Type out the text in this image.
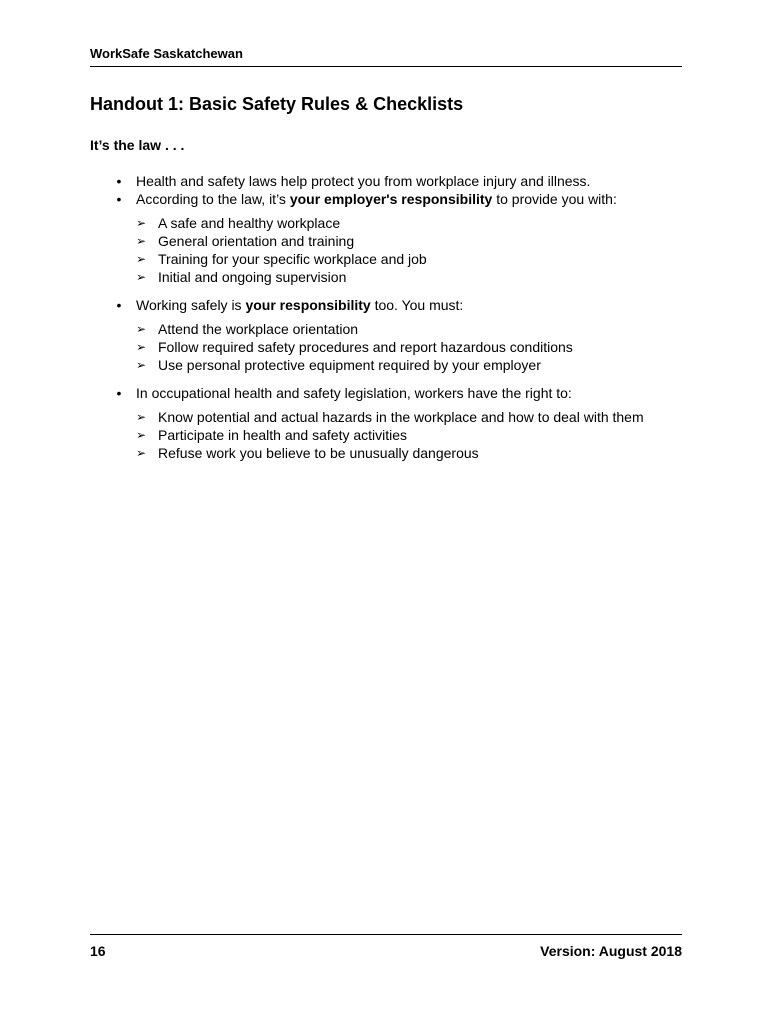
WorkSafe Saskatchewan
Handout 1: Basic Safety Rules & Checklists

It’s the law . . .

• Health and safety laws help protect you from workplace injury and illness.
• According to the law, it’s your employer's responsibility to provide you with:
➢ A safe and healthy workplace
➢ General orientation and training
➢ Training for your specific workplace and job
➢ Initial and ongoing supervision
• Working safely is your responsibility too. You must:
➢ Attend the workplace orientation
➢ Follow required safety procedures and report hazardous conditions
➢ Use personal protective equipment required by your employer
• In occupational health and safety legislation, workers have the right to:
➢ Know potential and actual hazards in the workplace and how to deal with them
➢ Participate in health and safety activities
➢ Refuse work you believe to be unusually dangerous
16	Version: August 2018
